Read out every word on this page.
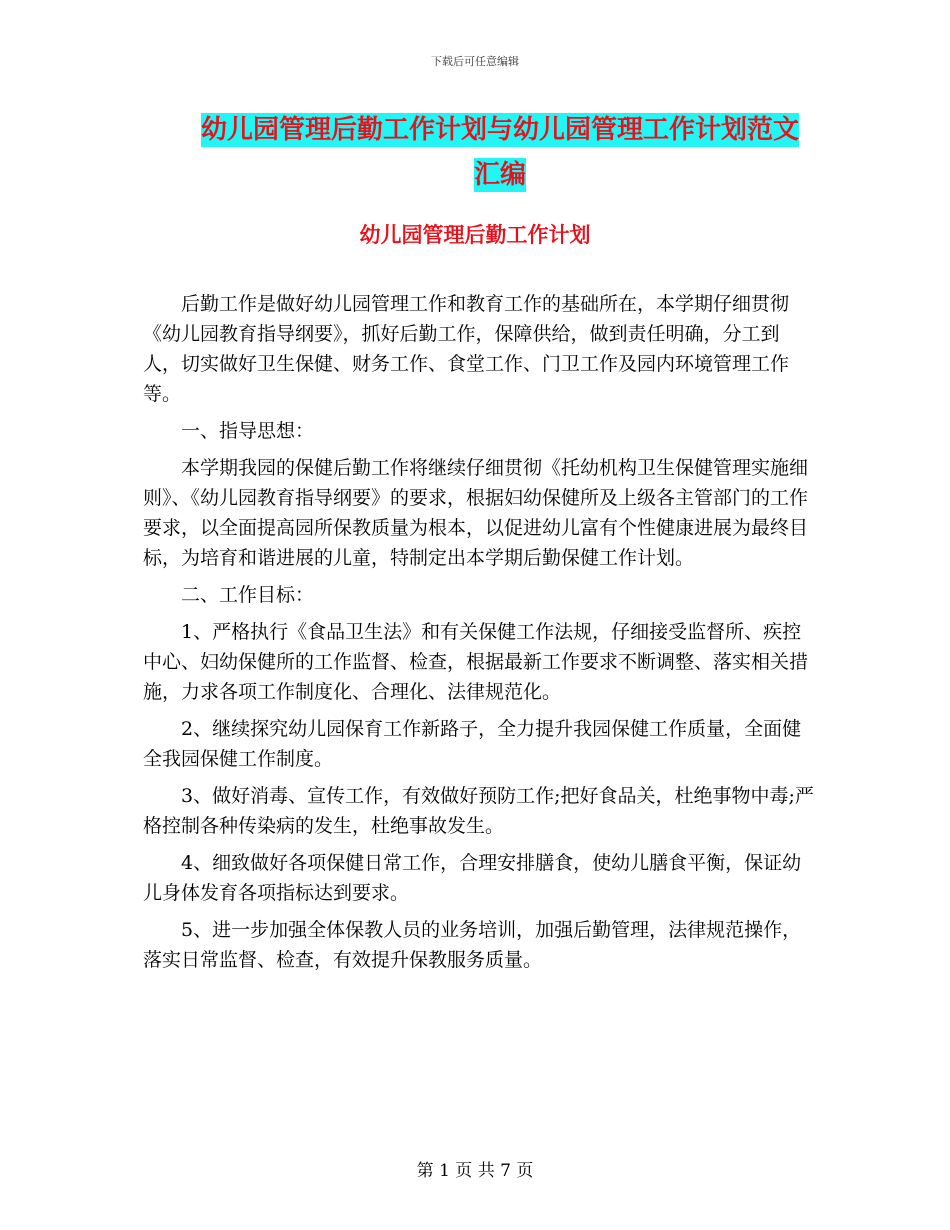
下载后可任意编辑
幼儿园管理后勤工作计划与幼儿园管理工作计划范文
汇编
幼儿园管理后勤工作计划

后勤工作是做好幼儿园管理工作和教育工作的基础所在，本学期仔细贯彻《幼儿园教育指导纲要》，抓好后勤工作，保障供给，做到责任明确，分工到人，切实做好卫生保健、财务工作、食堂工作、门卫工作及园内环境管理工作等。

一、指导思想：

本学期我园的保健后勤工作将继续仔细贯彻《托幼机构卫生保健管理实施细则》、《幼儿园教育指导纲要》的要求，根据妇幼保健所及上级各主管部门的工作要求，以全面提高园所保教质量为根本，以促进幼儿富有个性健康进展为最终目标，为培育和谐进展的儿童，特制定出本学期后勤保健工作计划。

二、工作目标：

1、严格执行《食品卫生法》和有关保健工作法规，仔细接受监督所、疾控中心、妇幼保健所的工作监督、检查，根据最新工作要求不断调整、落实相关措施，力求各项工作制度化、合理化、法律规范化。

2、继续探究幼儿园保育工作新路子，全力提升我园保健工作质量，全面健全我园保健工作制度。

3、做好消毒、宣传工作，有效做好预防工作;把好食品关，杜绝事物中毒;严格控制各种传染病的发生，杜绝事故发生。

4、细致做好各项保健日常工作，合理安排膳食，使幼儿膳食平衡，保证幼儿身体发育各项指标达到要求。

5、进一步加强全体保教人员的业务培训，加强后勤管理，法律规范操作，落实日常监督、检查，有效提升保教服务质量。

第 1 页 共 7 页
